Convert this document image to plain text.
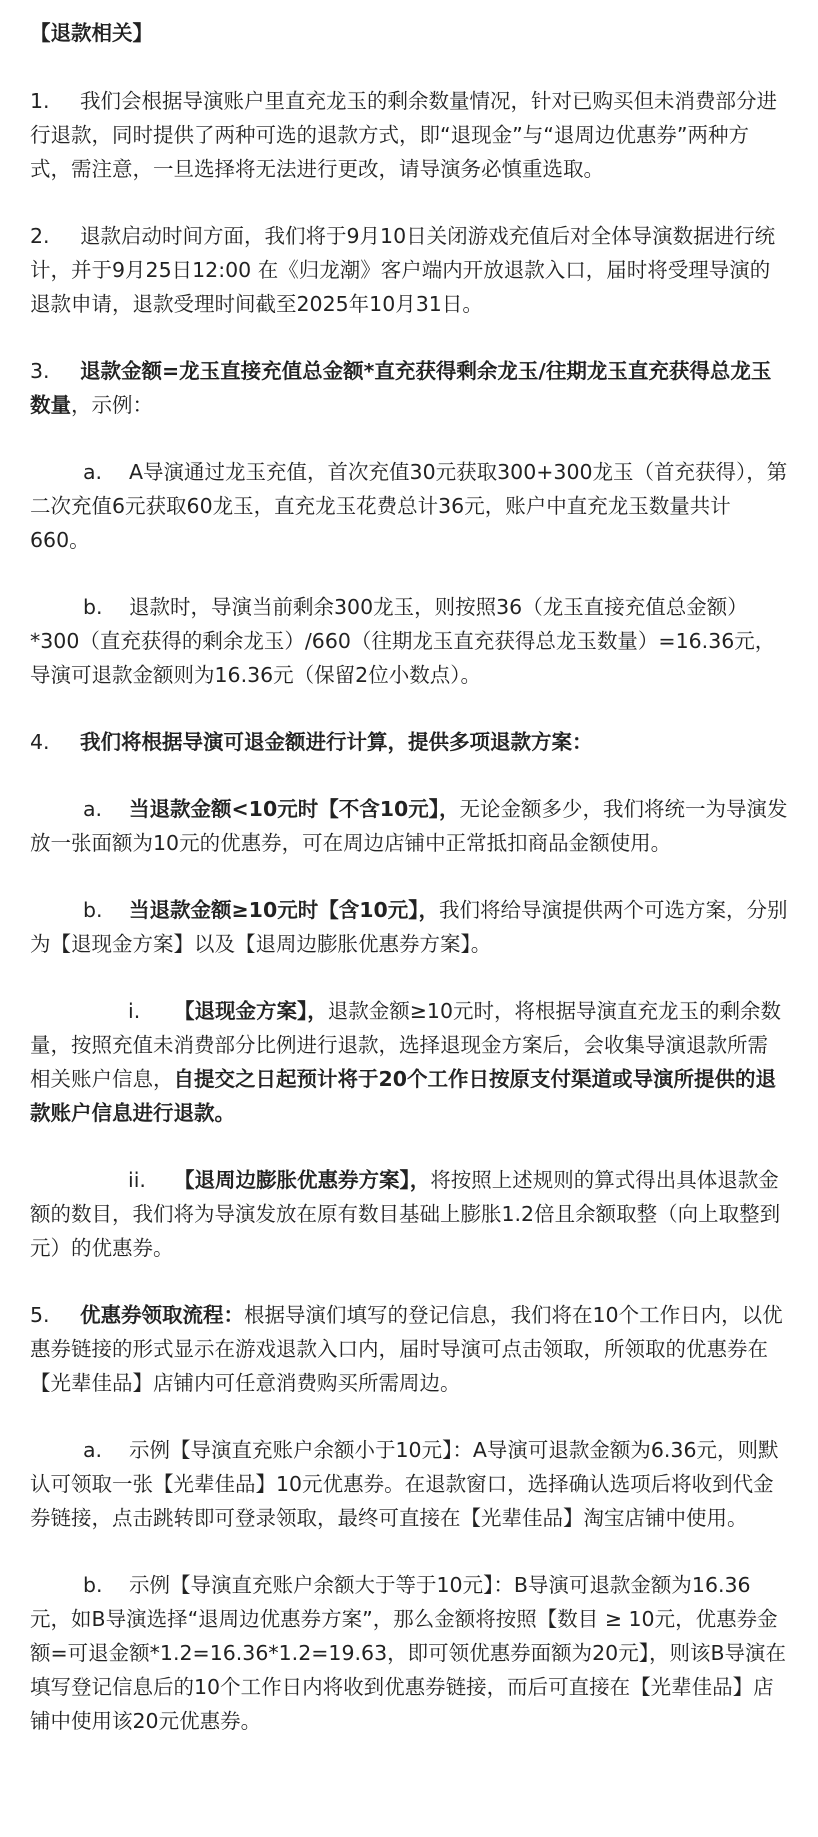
【退款相关】
1. 我们会根据导演账户里直充龙玉的剩余数量情况，针对已购买但未消费部分进行退款，同时提供了两种可选的退款方式，即“退现金”与“退周边优惠券”两种方式，需注意，一旦选择将无法进行更改，请导演务必慎重选取。
2. 退款启动时间方面，我们将于9月10日关闭游戏充值后对全体导演数据进行统计，并于9月25日12:00 在《归龙潮》客户端内开放退款入口，届时将受理导演的退款申请，退款受理时间截至2025年10月31日。
3. 退款金额=龙玉直接充值总金额*直充获得剩余龙玉/往期龙玉直充获得总龙玉数量，示例：
a. A导演通过龙玉充值，首次充值30元获取300+300龙玉（首充获得），第二次充值6元获取60龙玉，直充龙玉花费总计36元，账户中直充龙玉数量共计660。
b. 退款时，导演当前剩余300龙玉，则按照36（龙玉直接充值总金额）*300（直充获得的剩余龙玉）/660（往期龙玉直充获得总龙玉数量）=16.36元，导演可退款金额则为16.36元（保留2位小数点）。
4. 我们将根据导演可退金额进行计算，提供多项退款方案：
a. 当退款金额<10元时【不含10元】，无论金额多少，我们将统一为导演发放一张面额为10元的优惠券，可在周边店铺中正常抵扣商品金额使用。
b. 当退款金额≥10元时【含10元】，我们将给导演提供两个可选方案，分别为【退现金方案】以及【退周边膨胀优惠券方案】。
i. 【退现金方案】，退款金额≥10元时，将根据导演直充龙玉的剩余数量，按照充值未消费部分比例进行退款，选择退现金方案后，会收集导演退款所需相关账户信息，自提交之日起预计将于20个工作日按原支付渠道或导演所提供的退款账户信息进行退款。
ii. 【退周边膨胀优惠券方案】，将按照上述规则的算式得出具体退款金额的数目，我们将为导演发放在原有数目基础上膨胀1.2倍且余额取整（向上取整到元）的优惠券。
5. 优惠券领取流程：根据导演们填写的登记信息，我们将在10个工作日内，以优惠券链接的形式显示在游戏退款入口内，届时导演可点击领取，所领取的优惠券在【光辈佳品】店铺内可任意消费购买所需周边。
a. 示例【导演直充账户余额小于10元】：A导演可退款金额为6.36元，则默认可领取一张【光辈佳品】10元优惠券。在退款窗口，选择确认选项后将收到代金券链接，点击跳转即可登录领取，最终可直接在【光辈佳品】淘宝店铺中使用。
b. 示例【导演直充账户余额大于等于10元】：B导演可退款金额为16.36元，如B导演选择“退周边优惠券方案”，那么金额将按照【数目 ≥ 10元，优惠券金额=可退金额*1.2=16.36*1.2=19.63，即可领优惠券面额为20元】，则该B导演在填写登记信息后的10个工作日内将收到优惠券链接，而后可直接在【光辈佳品】店铺中使用该20元优惠券。
